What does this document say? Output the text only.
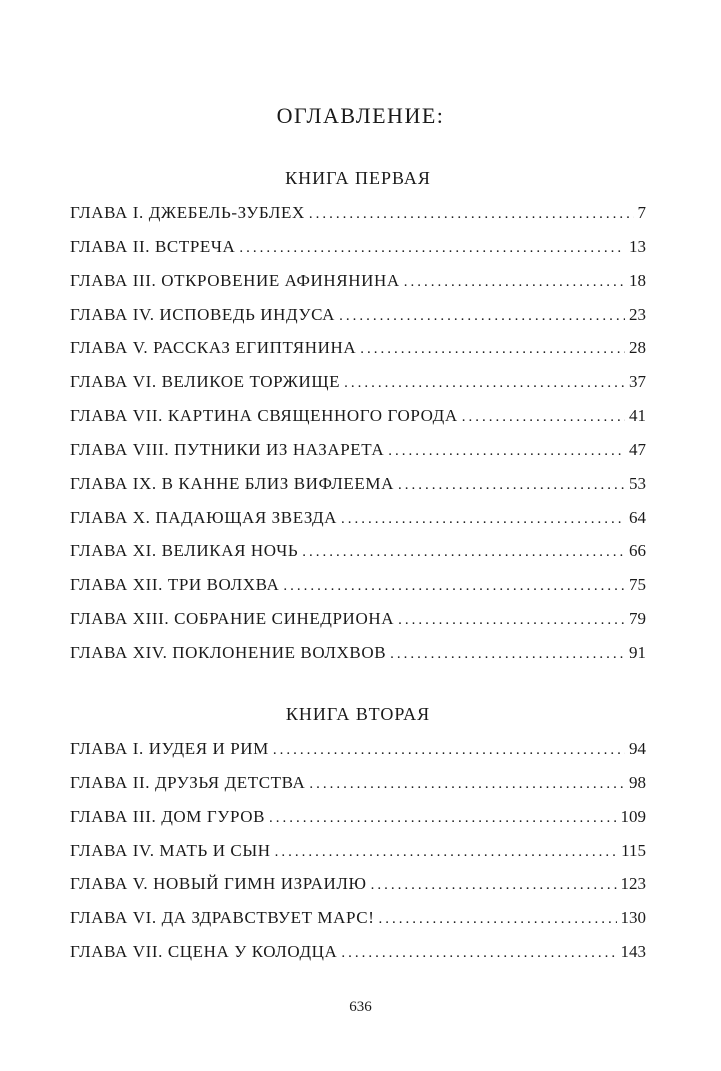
ОГЛАВЛЕНИЕ:
КНИГА ПЕРВАЯ
ГЛАВА I. ДЖЕБЕЛЬ-ЗУБЛЕХ .....	7
ГЛАВА II. ВСТРЕЧА .....	13
ГЛАВА III. ОТКРОВЕНИЕ АФИНЯНИНА .....	18
ГЛАВА IV. ИСПОВЕДЬ ИНДУСА .....	23
ГЛАВА V. РАССКАЗ ЕГИПТЯНИНА .....	28
ГЛАВА VI. ВЕЛИКОЕ ТОРЖИЩЕ .....	37
ГЛАВА VII. КАРТИНА СВЯЩЕННОГО ГОРОДА .....	41
ГЛАВА VIII. ПУТНИКИ ИЗ НАЗАРЕТА .....	47
ГЛАВА IX. В КАННЕ БЛИЗ ВИФЛЕЕМА .....	53
ГЛАВА X. ПАДАЮЩАЯ ЗВЕЗДА .....	64
ГЛАВА XI. ВЕЛИКАЯ НОЧЬ .....	66
ГЛАВА XII. ТРИ ВОЛХВА .....	75
ГЛАВА XIII. СОБРАНИЕ СИНЕДРИОНА .....	79
ГЛАВА XIV. ПОКЛОНЕНИЕ ВОЛХВОВ .....	91
КНИГА ВТОРАЯ
ГЛАВА I. ИУДЕЯ И РИМ .....	94
ГЛАВА II. ДРУЗЬЯ ДЕТСТВА .....	98
ГЛАВА III. ДОМ ГУРОВ .....	109
ГЛАВА IV. МАТЬ И СЫН .....	115
ГЛАВА V. НОВЫЙ ГИМН ИЗРАИЛЮ .....	123
ГЛАВА VI. ДА ЗДРАВСТВУЕТ МАРС! .....	130
ГЛАВА VII. СЦЕНА У КОЛОДЦА .....	143
636
